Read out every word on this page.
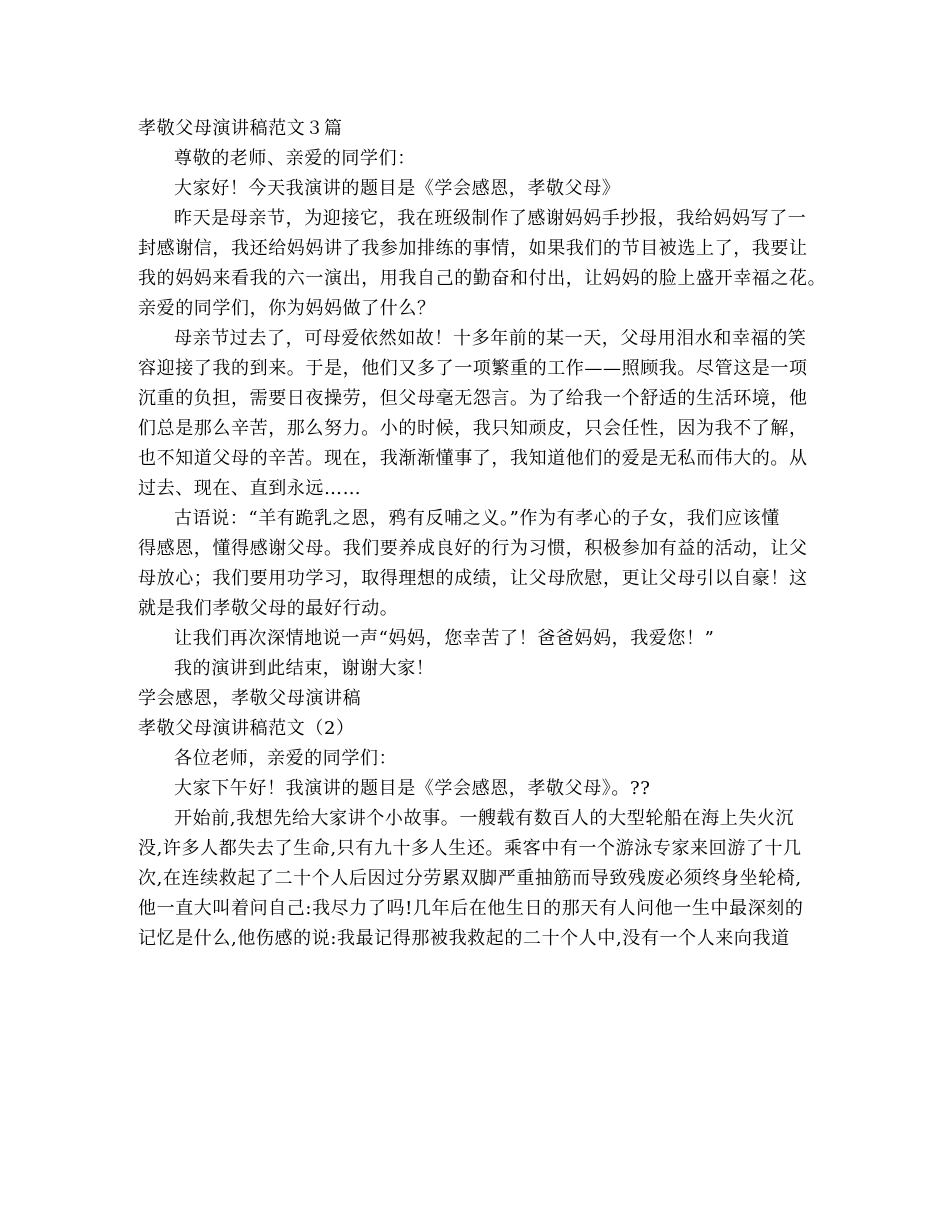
孝敬父母演讲稿范文３篇
尊敬的老师、亲爱的同学们：
大家好！今天我演讲的题目是《学会感恩，孝敬父母》
昨天是母亲节，为迎接它，我在班级制作了感谢妈妈手抄报，我给妈妈写了一
封感谢信，我还给妈妈讲了我参加排练的事情，如果我们的节目被选上了，我要让
我的妈妈来看我的六一演出，用我自己的勤奋和付出，让妈妈的脸上盛开幸福之花。
亲爱的同学们，你为妈妈做了什么？
母亲节过去了，可母爱依然如故！十多年前的某一天，父母用泪水和幸福的笑
容迎接了我的到来。于是，他们又多了一项繁重的工作——照顾我。尽管这是一项
沉重的负担，需要日夜操劳，但父母毫无怨言。为了给我一个舒适的生活环境，他
们总是那么辛苦，那么努力。小的时候，我只知顽皮，只会任性，因为我不了解，
也不知道父母的辛苦。现在，我渐渐懂事了，我知道他们的爱是无私而伟大的。从
过去、现在、直到永远……
古语说：“羊有跪乳之恩，鸦有反哺之义。”作为有孝心的子女，我们应该懂
得感恩，懂得感谢父母。我们要养成良好的行为习惯，积极参加有益的活动，让父
母放心；我们要用功学习，取得理想的成绩，让父母欣慰，更让父母引以自豪！这
就是我们孝敬父母的最好行动。
让我们再次深情地说一声“妈妈，您幸苦了！爸爸妈妈，我爱您！”
我的演讲到此结束，谢谢大家！
学会感恩，孝敬父母演讲稿
孝敬父母演讲稿范文（2）
各位老师，亲爱的同学们：
大家下午好！我演讲的题目是《学会感恩，孝敬父母》。??
开始前,我想先给大家讲个小故事。一艘载有数百人的大型轮船在海上失火沉
没,许多人都失去了生命,只有九十多人生还。乘客中有一个游泳专家来回游了十几
次,在连续救起了二十个人后因过分劳累双脚严重抽筋而导致残废必须终身坐轮椅,
他一直大叫着问自己:我尽力了吗!几年后在他生日的那天有人问他一生中最深刻的
记忆是什么,他伤感的说:我最记得那被我救起的二十个人中,没有一个人来向我道
